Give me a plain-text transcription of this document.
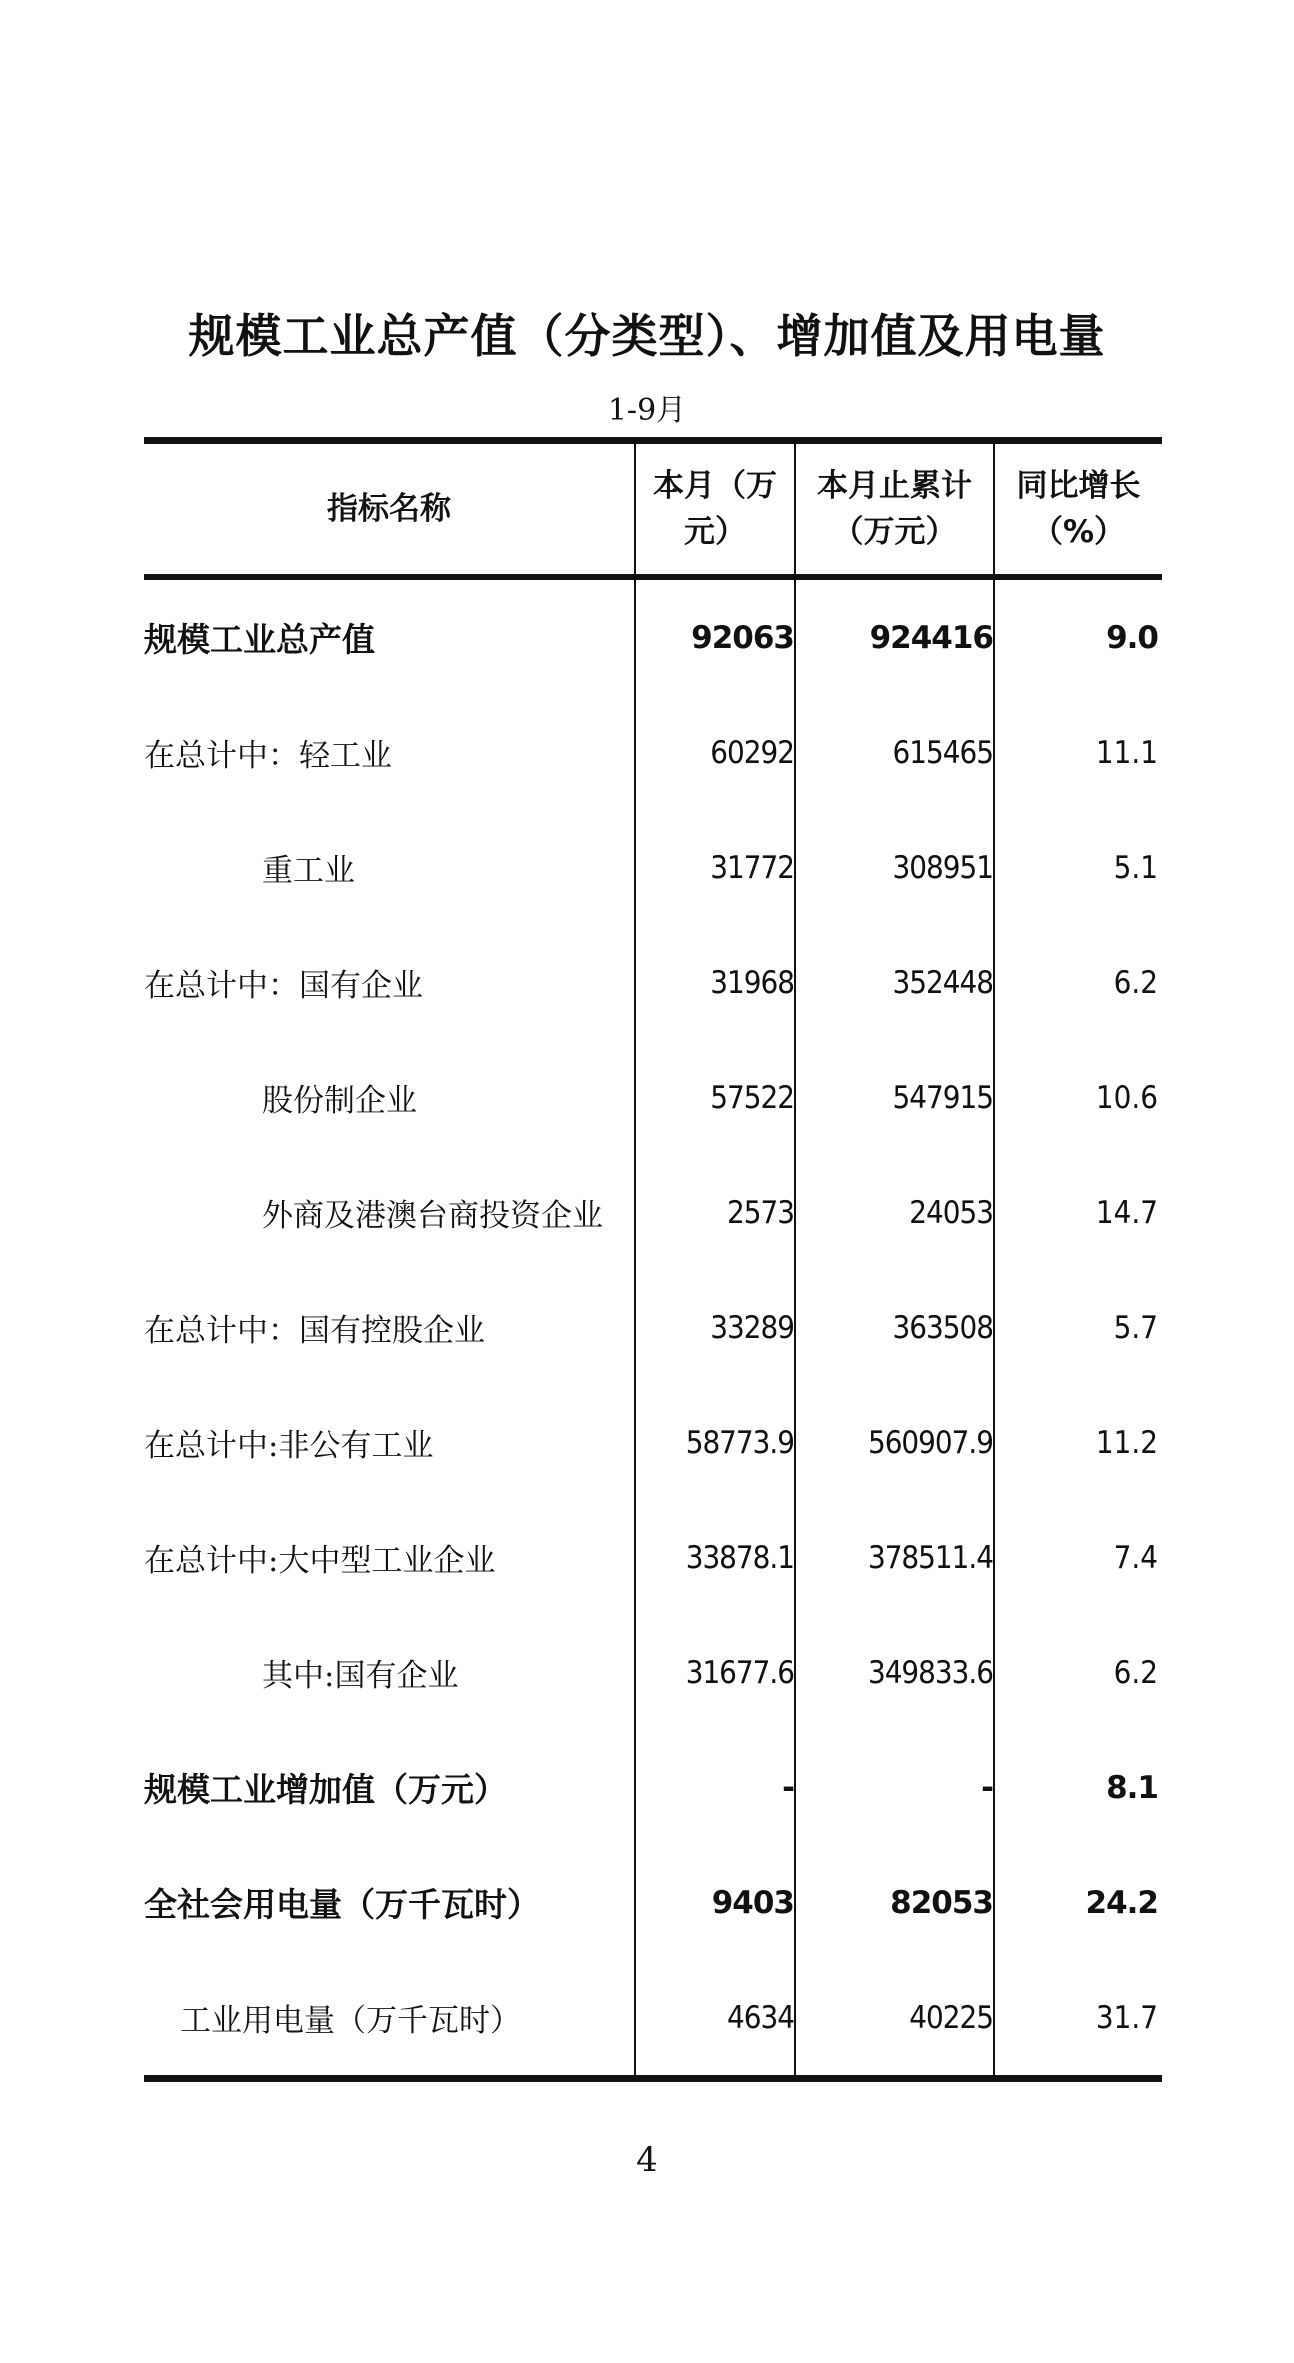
规模工业总产值（分类型）、增加值及用电量
1-9月
指标名称	本月（万元）	本月止累计（万元）	同比增长（%）
规模工业总产值	92063	924416	9.0
在总计中：轻工业	60292	615465	11.1
重工业	31772	308951	5.1
在总计中：国有企业	31968	352448	6.2
股份制企业	57522	547915	10.6
外商及港澳台商投资企业	2573	24053	14.7
在总计中：国有控股企业	33289	363508	5.7
在总计中:非公有工业	58773.9	560907.9	11.2
在总计中:大中型工业企业	33878.1	378511.4	7.4
其中:国有企业	31677.6	349833.6	6.2
规模工业增加值（万元）	-	-	8.1
全社会用电量（万千瓦时）	9403	82053	24.2
工业用电量（万千瓦时）	4634	40225	31.7
4
